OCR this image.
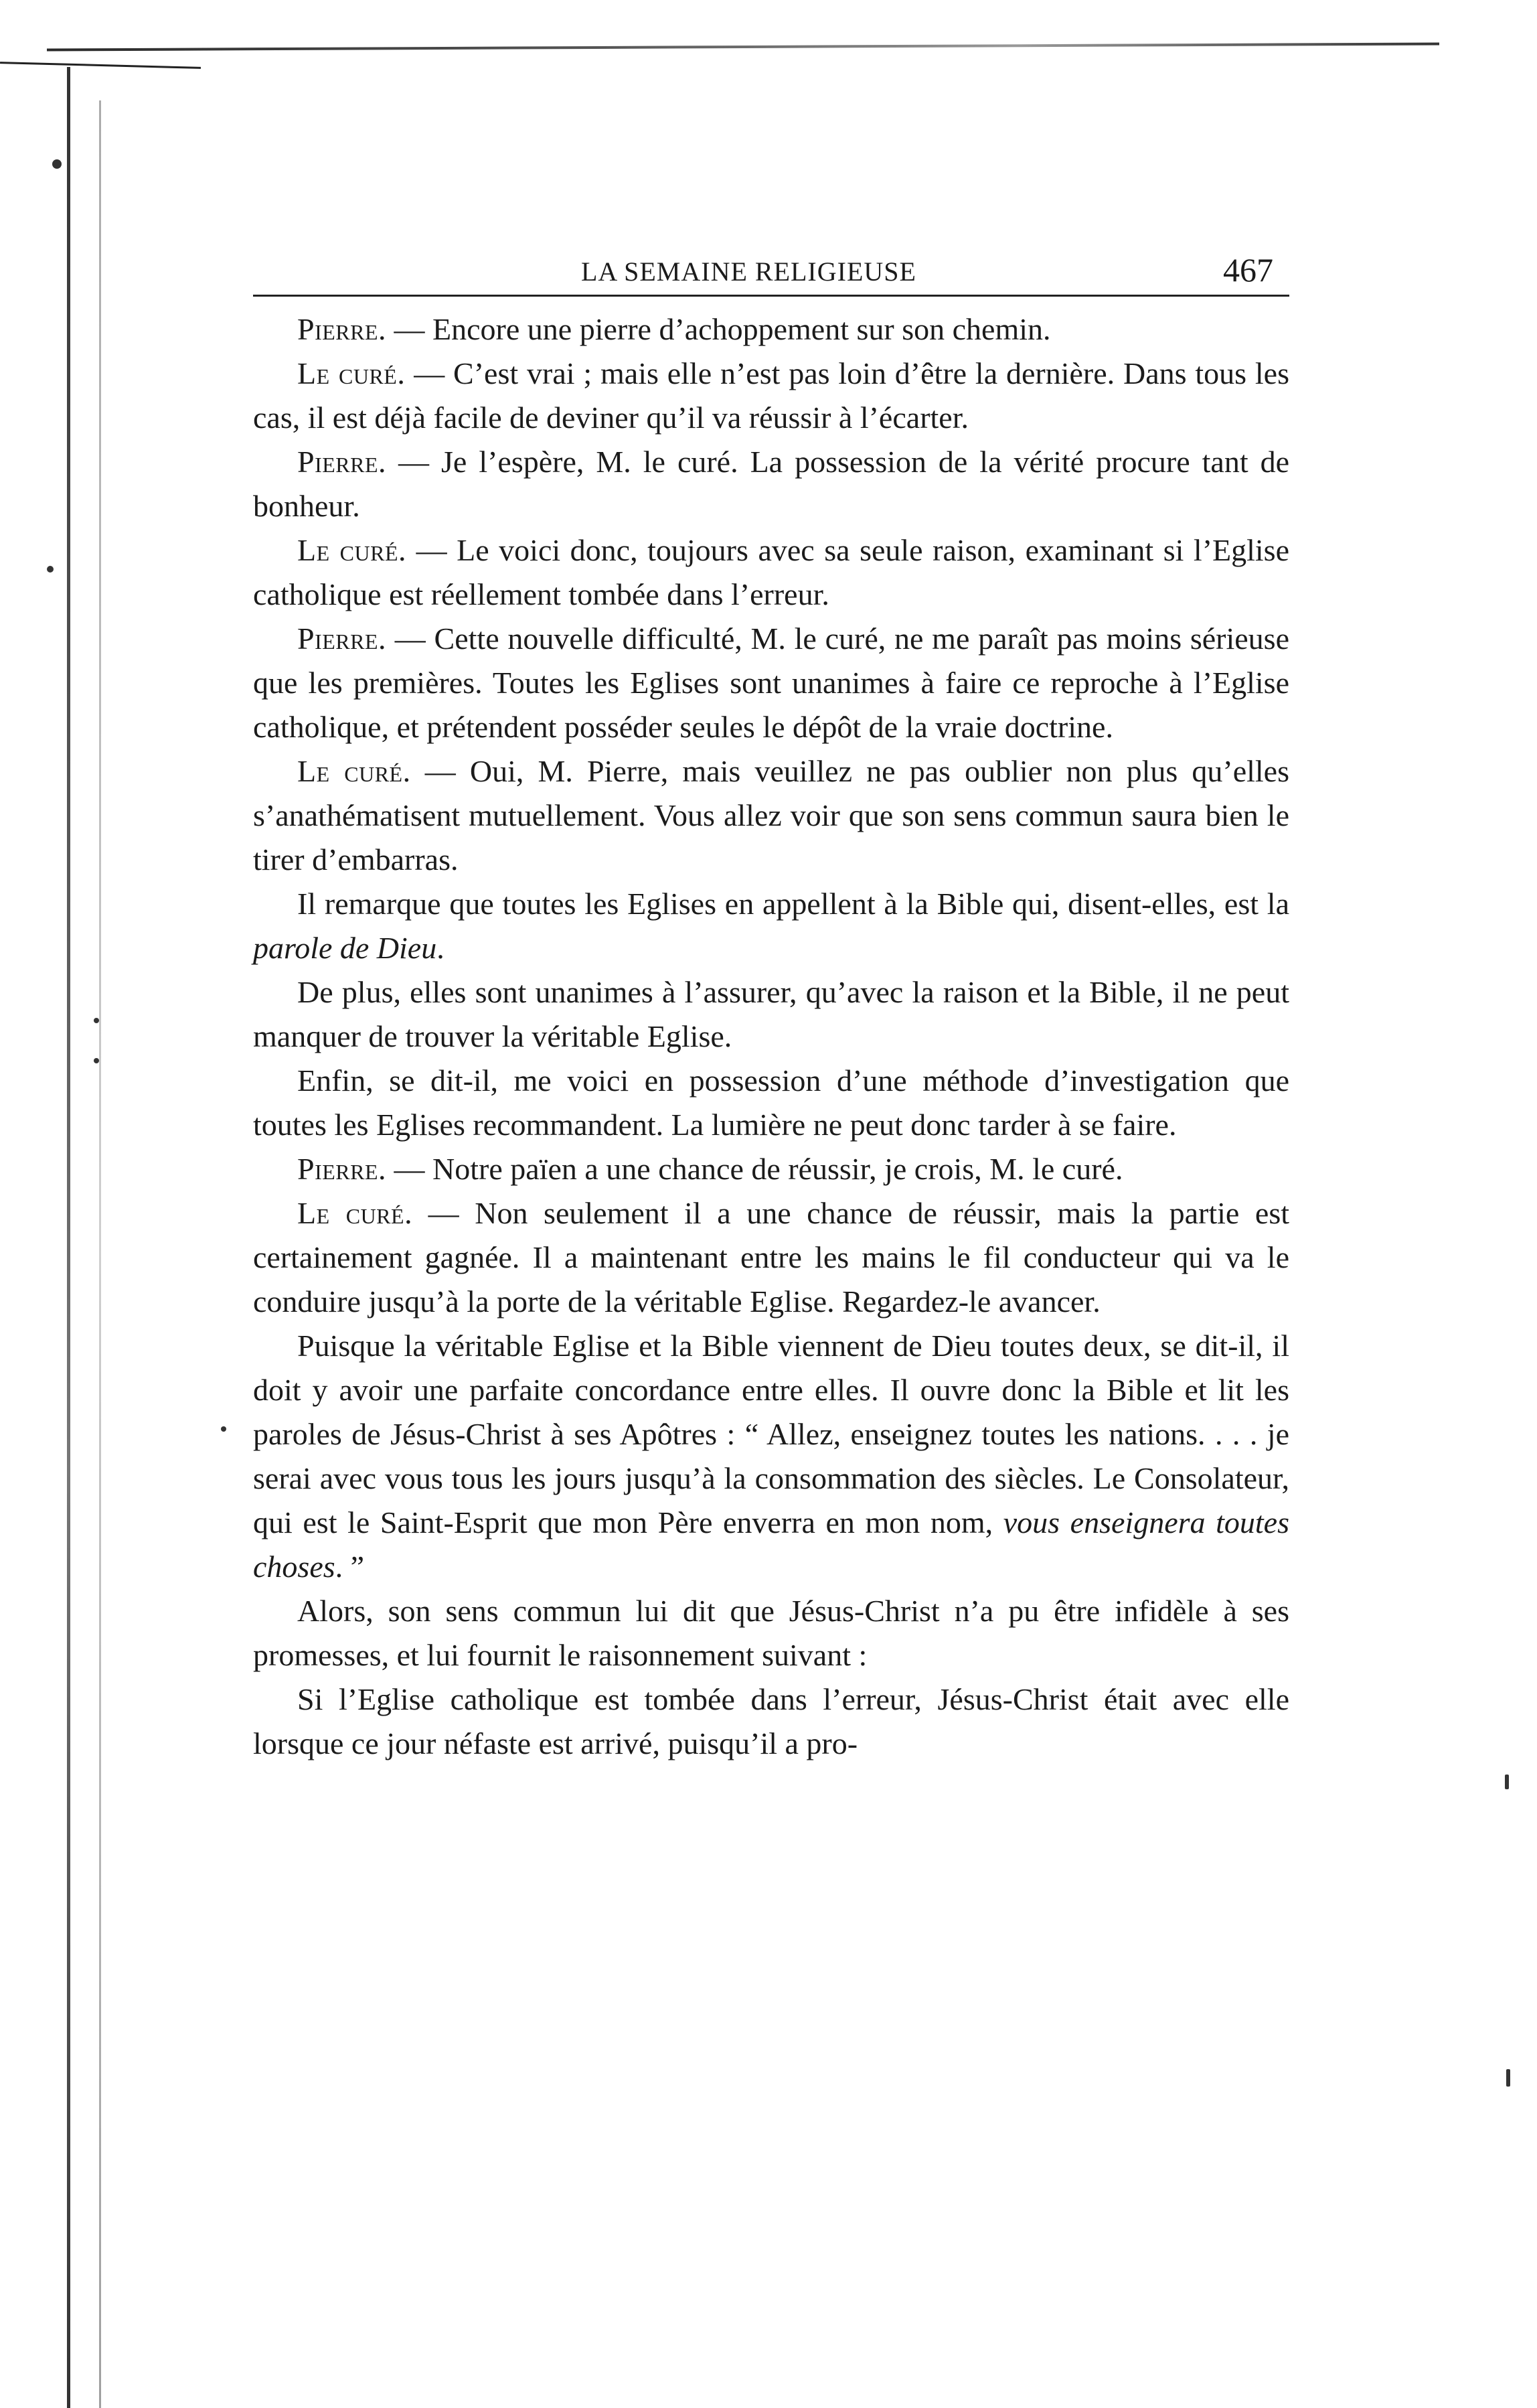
LA SEMAINE RELIGIEUSE	467

Pierre. — Encore une pierre d’achoppement sur son chemin.

Le curé. — C’est vrai ; mais elle n’est pas loin d’être la dernière. Dans tous les cas, il est déjà facile de deviner qu’il va réussir à l’écarter.

Pierre. — Je l’espère, M. le curé. La possession de la vérité procure tant de bonheur.

Le curé. — Le voici donc, toujours avec sa seule raison, examinant si l’Eglise catholique est réellement tombée dans l’erreur.

Pierre. — Cette nouvelle difficulté, M. le curé, ne me paraît pas moins sérieuse que les premières. Toutes les Eglises sont unanimes à faire ce reproche à l’Eglise catholique, et prétendent posséder seules le dépôt de la vraie doctrine.

Le curé. — Oui, M. Pierre, mais veuillez ne pas oublier non plus qu’elles s’anathématisent mutuellement. Vous allez voir que son sens commun saura bien le tirer d’embarras.

Il remarque que toutes les Eglises en appellent à la Bible qui, disent-elles, est la parole de Dieu.

De plus, elles sont unanimes à l’assurer, qu’avec la raison et la Bible, il ne peut manquer de trouver la véritable Eglise.

Enfin, se dit-il, me voici en possession d’une méthode d’investigation que toutes les Eglises recommandent. La lumière ne peut donc tarder à se faire.

Pierre. — Notre païen a une chance de réussir, je crois, M. le curé.

Le curé. — Non seulement il a une chance de réussir, mais la partie est certainement gagnée. Il a maintenant entre les mains le fil conducteur qui va le conduire jusqu’à la porte de la véritable Eglise. Regardez-le avancer.

Puisque la véritable Eglise et la Bible viennent de Dieu toutes deux, se dit-il, il doit y avoir une parfaite concordance entre elles. Il ouvre donc la Bible et lit les paroles de Jésus-Christ à ses Apôtres : “ Allez, enseignez toutes les nations. . . . je serai avec vous tous les jours jusqu’à la consommation des siècles. Le Consolateur, qui est le Saint-Esprit que mon Père enverra en mon nom, vous enseignera toutes choses. ”

Alors, son sens commun lui dit que Jésus-Christ n’a pu être infidèle à ses promesses, et lui fournit le raisonnement suivant :

Si l’Eglise catholique est tombée dans l’erreur, Jésus-Christ était avec elle lorsque ce jour néfaste est arrivé, puisqu’il a pro-
